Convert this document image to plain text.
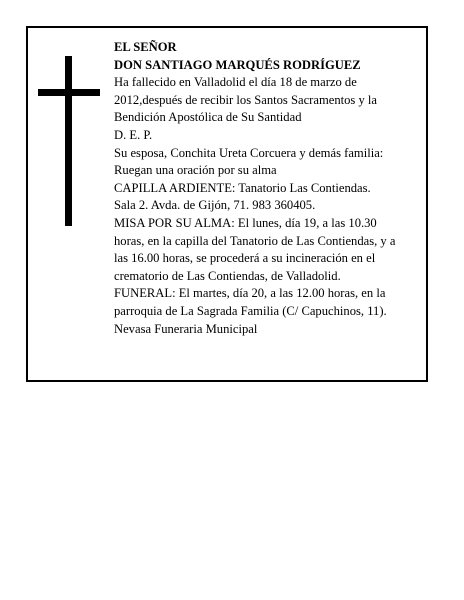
EL SEÑOR
DON SANTIAGO MARQUÉS RODRÍGUEZ
Ha fallecido en Valladolid el día 18 de marzo de
2012,después de recibir los Santos Sacramentos y la
Bendición Apostólica de Su Santidad
D. E. P.
Su esposa, Conchita Ureta Corcuera y demás familia:
Ruegan una oración por su alma
CAPILLA ARDIENTE: Tanatorio Las Contiendas.
Sala 2. Avda. de Gijón, 71. 983 360405.
MISA POR SU ALMA: El lunes, día 19, a las 10.30
horas, en la capilla del Tanatorio de Las Contiendas, y a
las 16.00 horas, se procederá a su incineración en el
crematorio de Las Contiendas, de Valladolid.
FUNERAL: El martes, día 20, a las 12.00 horas, en la
parroquia de La Sagrada Familia (C/ Capuchinos, 11).
Nevasa Funeraria Municipal
